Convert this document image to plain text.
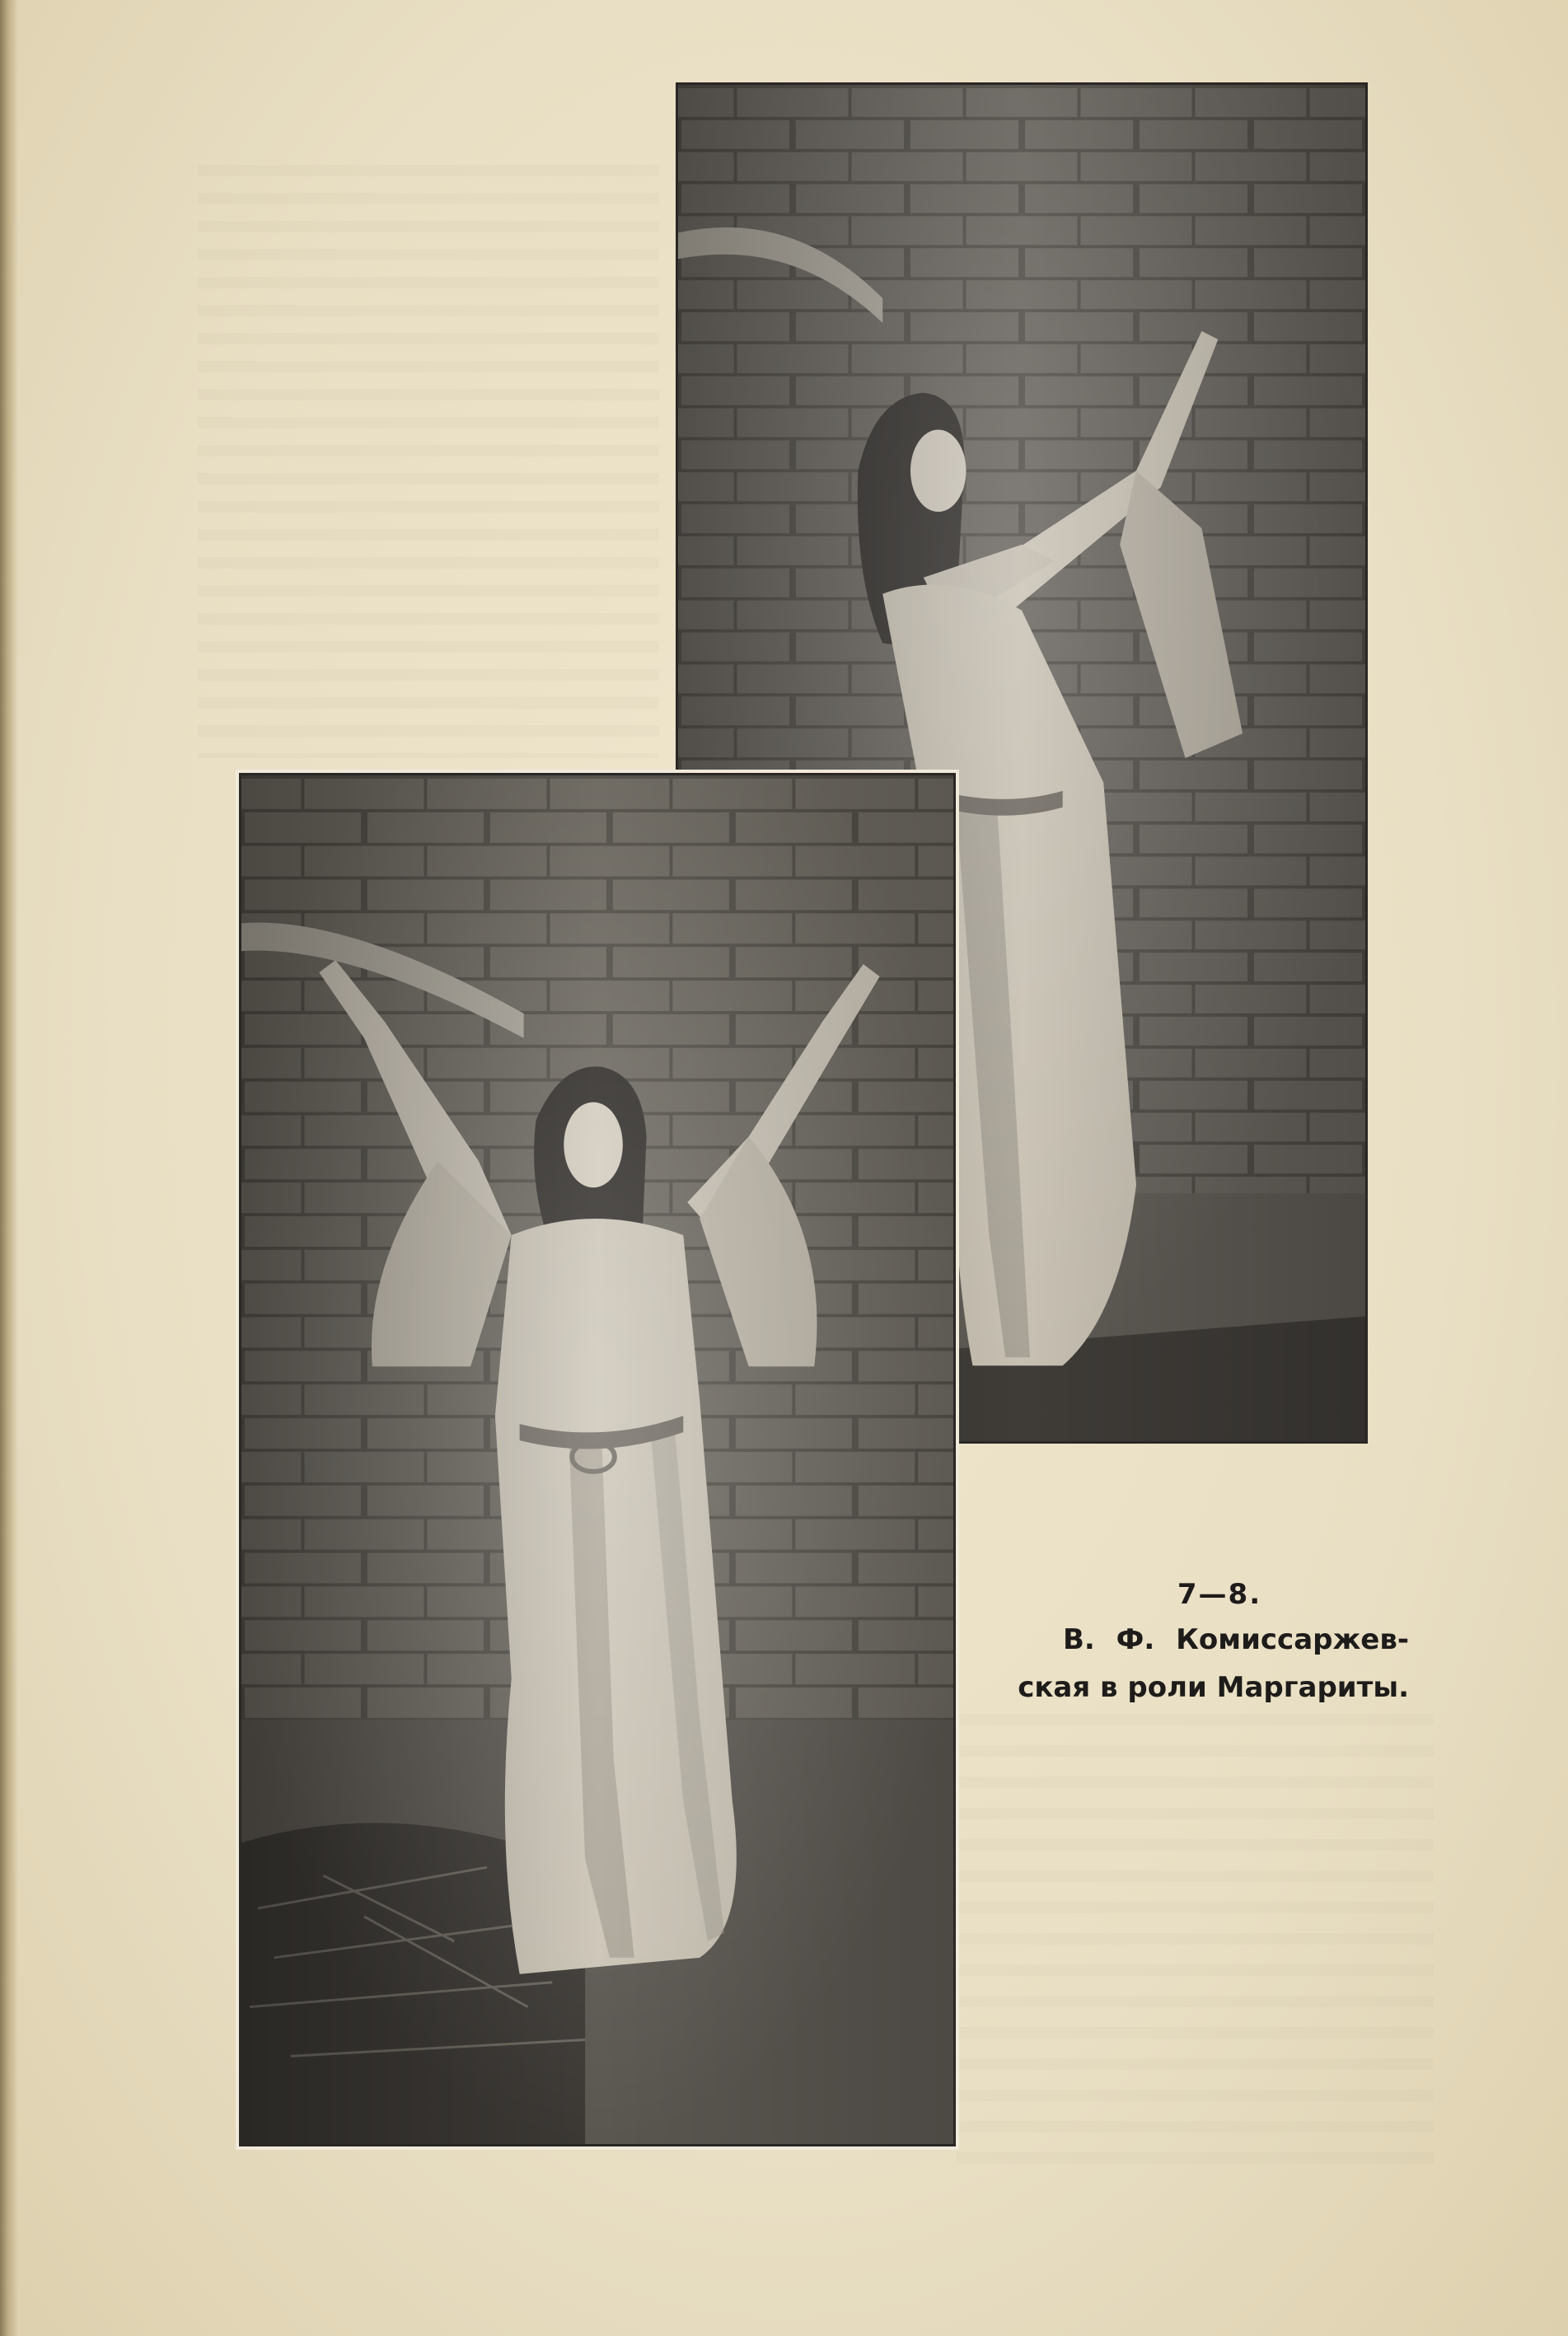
7—8.
В. Ф. Комиссаржев-
ская в роли Маргариты.
